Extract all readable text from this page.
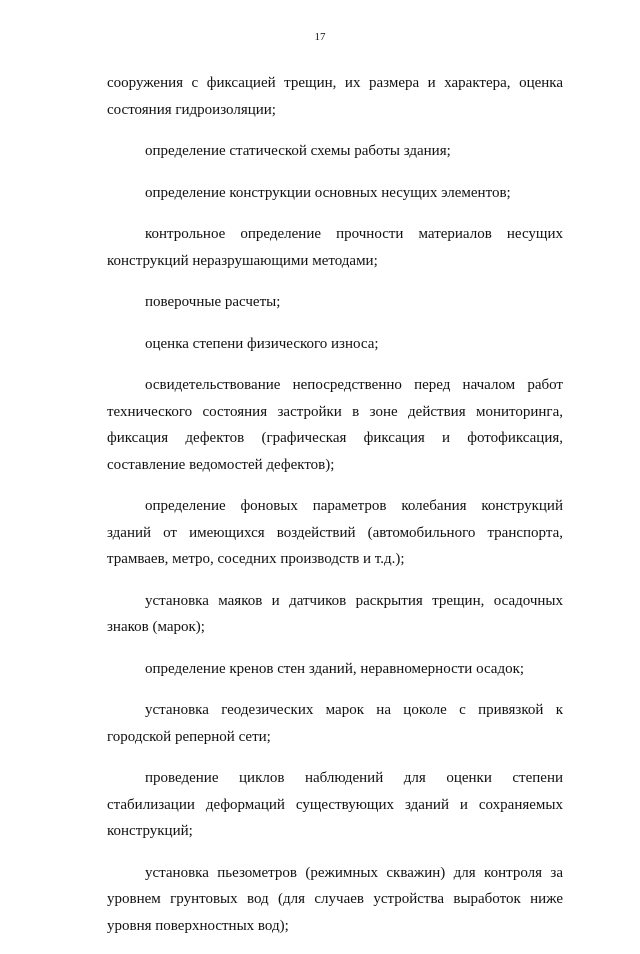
17

сооружения с фиксацией трещин, их размера и характера, оценка состояния гидроизоляции;

определение статической схемы работы здания;

определение конструкции основных несущих элементов;

контрольное определение прочности материалов несущих конструкций неразрушающими методами;

поверочные расчеты;

оценка степени физического износа;

освидетельствование непосредственно перед началом работ технического состояния застройки в зоне действия мониторинга, фиксация дефектов (графическая фиксация и фотофиксация, составление ведомостей дефектов);

определение фоновых параметров колебания конструкций зданий от имеющихся воздействий (автомобильного транспорта, трамваев, метро, соседних производств и т.д.);

установка маяков и датчиков раскрытия трещин, осадочных знаков (марок);

определение кренов стен зданий, неравномерности осадок;

установка геодезических марок на цоколе с привязкой к городской реперной сети;

проведение циклов наблюдений для оценки степени стабилизации деформаций существующих зданий и сохраняемых конструкций;

установка пьезометров (режимных скважин) для контроля за уровнем грунтовых вод (для случаев устройства выработок ниже уровня поверхностных вод);
